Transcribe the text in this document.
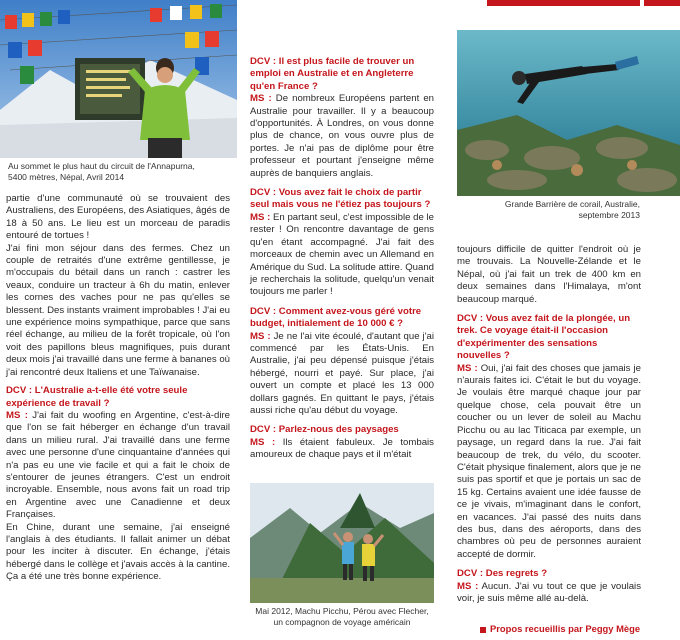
Au sommet le plus haut du circuit de l'Annapurna,
5400 mètres, Népal, Avril 2014

partie d'une communauté où se trouvaient des Australiens, des Européens, des Asiatiques, âgés de 18 à 50 ans. Le lieu est un morceau de paradis entouré de tortues !

J'ai fini mon séjour dans des fermes. Chez un couple de retraités d'une extrême gentillesse, je m'occupais du bétail dans un ranch : castrer les veaux, conduire un tracteur à 6h du matin, enlever les cornes des vaches pour ne pas qu'elles se blessent. Des instants vraiment improbables ! J'ai eu une expérience moins sympathique, parce que sans réel échange, au milieu de la forêt tropicale, où l'on voit des papillons bleus magnifiques, puis durant deux mois j'ai travaillé dans une ferme à bananes où j'ai rencontré deux Italiens et une Taïwanaise.

DCV : L'Australie a-t-elle été votre seule expérience de travail ?

MS : J'ai fait du woofing en Argentine, c'est-à-dire que l'on se fait héberger en échange d'un travail dans un milieu rural. J'ai travaillé dans une ferme avec une personne d'une cinquantaine d'années qui n'a pas eu une vie facile et qui a fait le choix de s'entourer de jeunes étrangers. C'est un endroit incroyable. Ensemble, nous avons fait un road trip en Argentine avec une Canadienne et deux Françaises.

En Chine, durant une semaine, j'ai enseigné l'anglais à des étudiants. Il fallait animer un débat pour les inciter à discuter. En échange, j'étais hébergé dans le collège et j'avais accès à la cantine. Ça a été une très bonne expérience.

DCV : Il est plus facile de trouver un emploi en Australie et en Angleterre qu'en France ?

MS : De nombreux Européens partent en Australie pour travailler. Il y a beaucoup d'opportunités. À Londres, on vous donne plus de chance, on vous ouvre plus de portes. Je n'ai pas de diplôme pour être professeur et pourtant j'enseigne même auprès de banquiers anglais.

DCV : Vous avez fait le choix de partir seul mais vous ne l'étiez pas toujours ?

MS : En partant seul, c'est impossible de le rester ! On rencontre davantage de gens qu'en étant accompagné. J'ai fait des morceaux de chemin avec un Allemand en Amérique du Sud. La solitude attire. Quand je recherchais la solitude, quelqu'un venait toujours me parler !

DCV : Comment avez-vous géré votre budget, initialement de 10 000 € ?

MS : Je ne l'ai vite écoulé, d'autant que j'ai commencé par les États-Unis. En Australie, j'ai peu dépensé puisque j'étais hébergé, nourri et payé. Sur place, j'ai ouvert un compte et placé les 13 000 dollars gagnés. En quittant le pays, j'étais aussi riche qu'au début du voyage.

DCV : Parlez-nous des paysages

MS : Ils étaient fabuleux. Je tombais amoureux de chaque pays et il m'était

Mai 2012, Machu Picchu, Pérou avec Flecher,
un compagnon de voyage américain
Grande Barrière de corail, Australie,
septembre 2013

toujours difficile de quitter l'endroit où je me trouvais. La Nouvelle-Zélande et le Népal, où j'ai fait un trek de 400 km en deux semaines dans l'Himalaya, m'ont beaucoup marqué.

DCV : Vous avez fait de la plongée, un trek. Ce voyage était-il l'occasion d'expérimenter des sensations nouvelles ?

MS : Oui, j'ai fait des choses que jamais je n'aurais faites ici. C'était le but du voyage. Je voulais être marqué chaque jour par quelque chose, cela pouvait être un coucher ou un lever de soleil au Machu Picchu ou au lac Titicaca par exemple, un paysage, un regard dans la rue. J'ai fait beaucoup de trek, du vélo, du scooter. C'était physique finalement, alors que je ne suis pas sportif et que je portais un sac de 15 kg. Certains avaient une idée fausse de ce je vivais, m'imaginant dans le confort, en vacances. J'ai passé des nuits dans des bus, dans des aéroports, dans des chambres où peu de personnes auraient accepté de dormir.

DCV : Des regrets ?

MS : Aucun. J'ai vu tout ce que je voulais voir, je suis même allé au-delà.

Propos recueillis par Peggy Mège
